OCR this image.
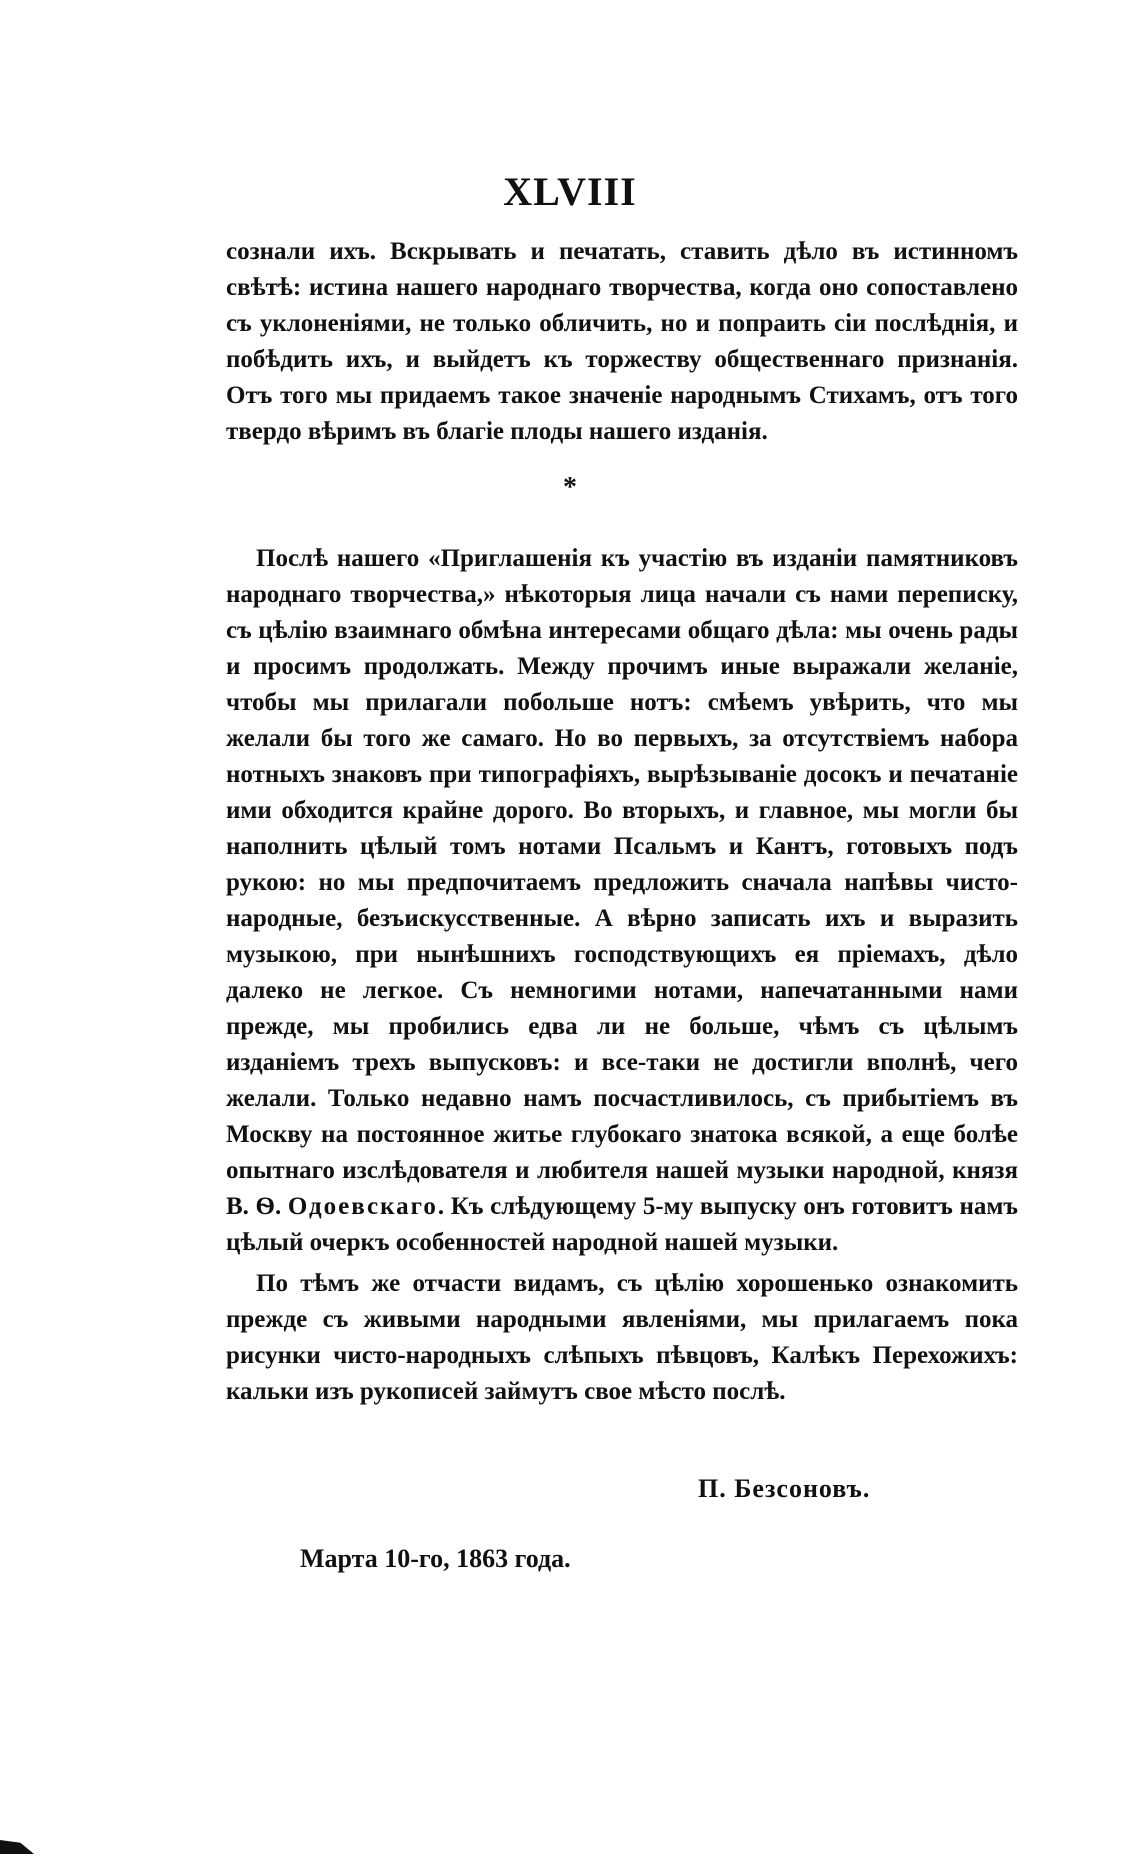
XLVIII

сознали ихъ. Вскрывать и печатать, ставить дѣло въ истинномъ свѣтѣ: истина нашего народнаго творчества, когда оно сопоставлено съ уклоненіями, не только обличить, но и попраить сіи послѣднія, и побѣдить ихъ, и выйдетъ къ торжеству общественнаго признанія. Отъ того мы придаемъ такое значеніе народнымъ Стихамъ, отъ того твердо вѣримъ въ благіе плоды нашего изданія.

*

Послѣ нашего «Приглашенія къ участію въ изданіи памятниковъ народнаго творчества,» нѣкоторыя лица начали съ нами переписку, съ цѣлію взаимнаго обмѣна интересами общаго дѣла: мы очень рады и просимъ продолжать. Между прочимъ иные выражали желаніе, чтобы мы прилагали побольше нотъ: смѣемъ увѣрить, что мы желали бы того же самаго. Но во первыхъ, за отсутствіемъ набора нотныхъ знаковъ при типографіяхъ, вырѣзываніе досокъ и печатаніе ими обходится крайне дорого. Во вторыхъ, и главное, мы могли бы наполнить цѣлый томъ нотами Псальмъ и Кантъ, готовыхъ подъ рукою: но мы предпочитаемъ предложить сначала напѣвы чисто-народные, безъискусственные. А вѣрно записать ихъ и выразить музыкою, при нынѣшнихъ господствующихъ ея пріемахъ, дѣло далеко не легкое. Съ немногими нотами, напечатанными нами прежде, мы пробились едва ли не больше, чѣмъ съ цѣлымъ изданіемъ трехъ выпусковъ: и все-таки не достигли вполнѣ, чего желали. Только недавно намъ посчастливилось, съ прибытіемъ въ Москву на постоянное житье глубокаго знатока всякой, а еще болѣе опытнаго изслѣдователя и любителя нашей музыки народной, князя В. Ѳ. Одоевскаго. Къ слѣдующему 5-му выпуску онъ готовитъ намъ цѣлый очеркъ особенностей народной нашей музыки.

По тѣмъ же отчасти видамъ, съ цѣлію хорошенько ознакомить прежде съ живыми народными явленіями, мы прилагаемъ пока рисунки чисто-народныхъ слѣпыхъ пѣвцовъ, Калѣкъ Перехожихъ: кальки изъ рукописей займутъ свое мѣсто послѣ.

П. Безсоновъ.
Марта 10-го, 1863 года.
